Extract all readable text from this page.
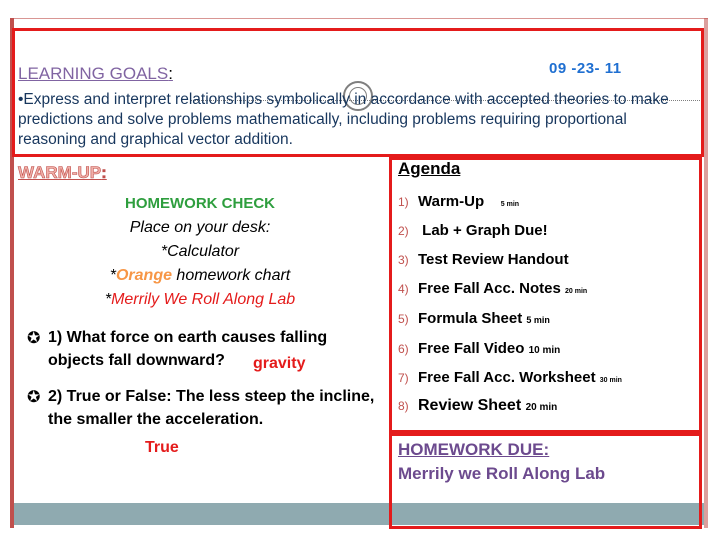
LEARNING GOALS:	09 -23- 11
•Express and interpret relationships symbolically in accordance with accepted theories to make predictions and solve problems mathematically, including problems requiring proportional reasoning and graphical vector addition.
WARM-UP:
HOMEWORK CHECK
Place on your desk:
*Calculator
*Orange homework chart
*Merrily We Roll Along Lab
✪ 1) What force on earth causes falling objects fall downward?	gravity
✪ 2) True or False: The less steep the incline, the smaller the acceleration.
True
Agenda
1) Warm-Up 5 min
2) Lab + Graph Due!
3) Test Review Handout
4) Free Fall Acc. Notes 20 min
5) Formula Sheet 5 min
6) Free Fall Video 10 min
7) Free Fall Acc. Worksheet 30 min
8) Review Sheet 20 min
HOMEWORK DUE:
Merrily we Roll Along Lab
